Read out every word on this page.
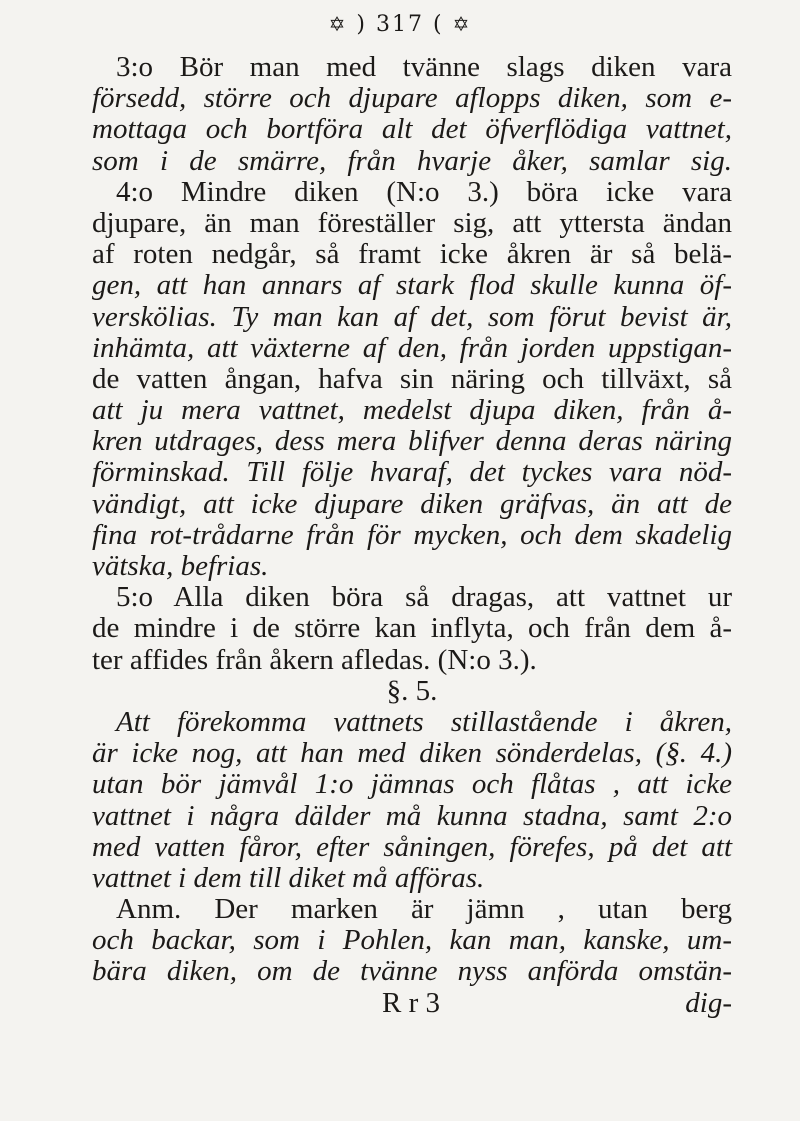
✡ ) 317 ( ✡
3:o Bör man med tvänne slags diken vara
försedd, större och djupare aflopps diken, som e-
mottaga och bortföra alt det öfverflödiga vattnet,
som i de smärre, från hvarje åker, samlar sig.
4:o Mindre diken (N:o 3.) böra icke vara
djupare, än man föreställer sig, att yttersta ändan
af roten nedgår, så framt icke åkren är så belä-
gen, att han annars af stark flod skulle kunna öf-
verskölias. Ty man kan af det, som förut bevist är,
inhämta, att växterne af den, från jorden uppstigan-
de vatten ångan, hafva sin näring och tillväxt, så
att ju mera vattnet, medelst djupa diken, från å-
kren utdrages, dess mera blifver denna deras näring
förminskad. Till följe hvaraf, det tyckes vara nöd-
vändigt, att icke djupare diken gräfvas, än att de
fina rot-trådarne från för mycken, och dem skadelig
vätska, befrias.
5:o Alla diken böra så dragas, att vattnet ur
de mindre i de större kan inflyta, och från dem å-
ter affides från åkern afledas. (N:o 3.).
§. 5.
Att förekomma vattnets stillastående i åkren,
är icke nog, att han med diken sönderdelas, (§. 4.)
utan bör jämvål 1:o jämnas och flåtas , att icke
vattnet i några dälder må kunna stadna, samt 2:o
med vatten fåror, efter såningen, förefes, på det att
vattnet i dem till diket må afföras.
Anm. Der marken är jämn , utan berg
och backar, som i Pohlen, kan man, kanske, um-
bära diken, om de tvänne nyss anförda omstän-
R r 3	dig-
